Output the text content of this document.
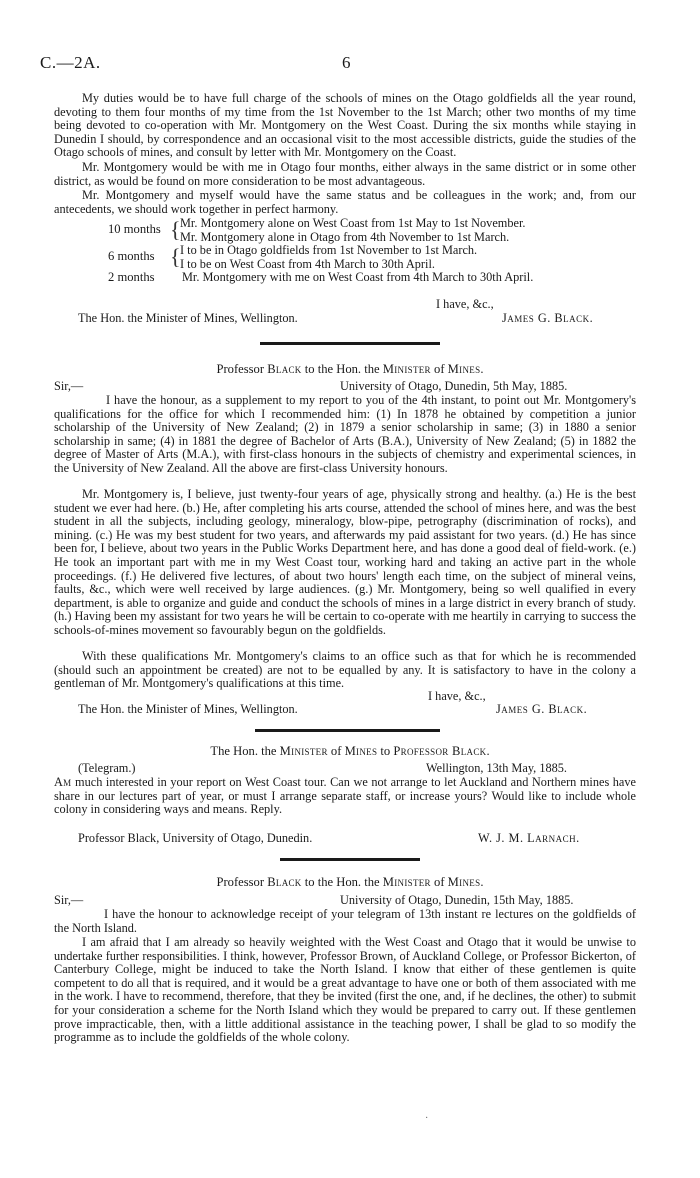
C.—2A.	6

My duties would be to have full charge of the schools of mines on the Otago goldfields all the year round, devoting to them four months of my time from the 1st November to the 1st March; other two months of my time being devoted to co-operation with Mr. Montgomery on the West Coast. During the six months while staying in Dunedin I should, by correspondence and an occasional visit to the most accessible districts, guide the studies of the Otago schools of mines, and consult by letter with Mr. Montgomery on the Coast.

Mr. Montgomery would be with me in Otago four months, either always in the same district or in some other district, as would be found on more consideration to be most advantageous.

Mr. Montgomery and myself would have the same status and be colleagues in the work; and, from our antecedents, we should work together in perfect harmony.

10 months { Mr. Montgomery alone on West Coast from 1st May to 1st November.
Mr. Montgomery alone in Otago from 4th November to 1st March.
6 months { I to be in Otago goldfields from 1st November to 1st March.
I to be on West Coast from 4th March to 30th April.
2 months Mr. Montgomery with me on West Coast from 4th March to 30th April.
I have, &c.,
The Hon. the Minister of Mines, Wellington.	James G. Black.
Professor Black to the Hon. the Minister of Mines.
Sir,—	University of Otago, Dunedin, 5th May, 1885.

I have the honour, as a supplement to my report to you of the 4th instant, to point out Mr. Montgomery's qualifications for the office for which I recommended him: (1) In 1878 he obtained by competition a junior scholarship of the University of New Zealand; (2) in 1879 a senior scholarship in same; (3) in 1880 a senior scholarship in same; (4) in 1881 the degree of Bachelor of Arts (B.A.), University of New Zealand; (5) in 1882 the degree of Master of Arts (M.A.), with first-class honours in the subjects of chemistry and experimental sciences, in the University of New Zealand. All the above are first-class University honours.

Mr. Montgomery is, I believe, just twenty-four years of age, physically strong and healthy. (a.) He is the best student we ever had here. (b.) He, after completing his arts course, attended the school of mines here, and was the best student in all the subjects, including geology, mineralogy, blow-pipe, petrography (discrimination of rocks), and mining. (c.) He was my best student for two years, and afterwards my paid assistant for two years. (d.) He has since been for, I believe, about two years in the Public Works Department here, and has done a good deal of field-work. (e.) He took an important part with me in my West Coast tour, working hard and taking an active part in the whole proceedings. (f.) He delivered five lectures, of about two hours' length each time, on the subject of mineral veins, faults, &c., which were well received by large audiences. (g.) Mr. Montgomery, being so well qualified in every department, is able to organize and guide and conduct the schools of mines in a large district in every branch of study. (h.) Having been my assistant for two years he will be certain to co-operate with me heartily in carrying to success the schools-of-mines movement so favourably begun on the goldfields.

With these qualifications Mr. Montgomery's claims to an office such as that for which he is recommended (should such an appointment be created) are not to be equalled by any. It is satisfactory to have in the colony a gentleman of Mr. Montgomery's qualifications at this time.

I have, &c.,
The Hon. the Minister of Mines, Wellington.	James G. Black.
The Hon. the Minister of Mines to Professor Black.
(Telegram.)	Wellington, 13th May, 1885.

Am much interested in your report on West Coast tour. Can we not arrange to let Auckland and Northern mines have share in our lectures part of year, or must I arrange separate staff, or increase yours? Would like to include whole colony in considering ways and means. Reply.

Professor Black, University of Otago, Dunedin.	W. J. M. Larnach.
Professor Black to the Hon. the Minister of Mines.
Sir,—	University of Otago, Dunedin, 15th May, 1885.

I have the honour to acknowledge receipt of your telegram of 13th instant re lectures on the goldfields of the North Island.

I am afraid that I am already so heavily weighted with the West Coast and Otago that it would be unwise to undertake further responsibilities. I think, however, Professor Brown, of Auckland College, or Professor Bickerton, of Canterbury College, might be induced to take the North Island. I know that either of these gentlemen is quite competent to do all that is required, and it would be a great advantage to have one or both of them associated with me in the work. I have to recommend, therefore, that they be invited (first the one, and, if he declines, the other) to submit for your consideration a scheme for the North Island which they would be prepared to carry out. If these gentlemen prove impracticable, then, with a little additional assistance in the teaching power, I shall be glad to so modify the programme as to include the goldfields of the whole colony.

·
